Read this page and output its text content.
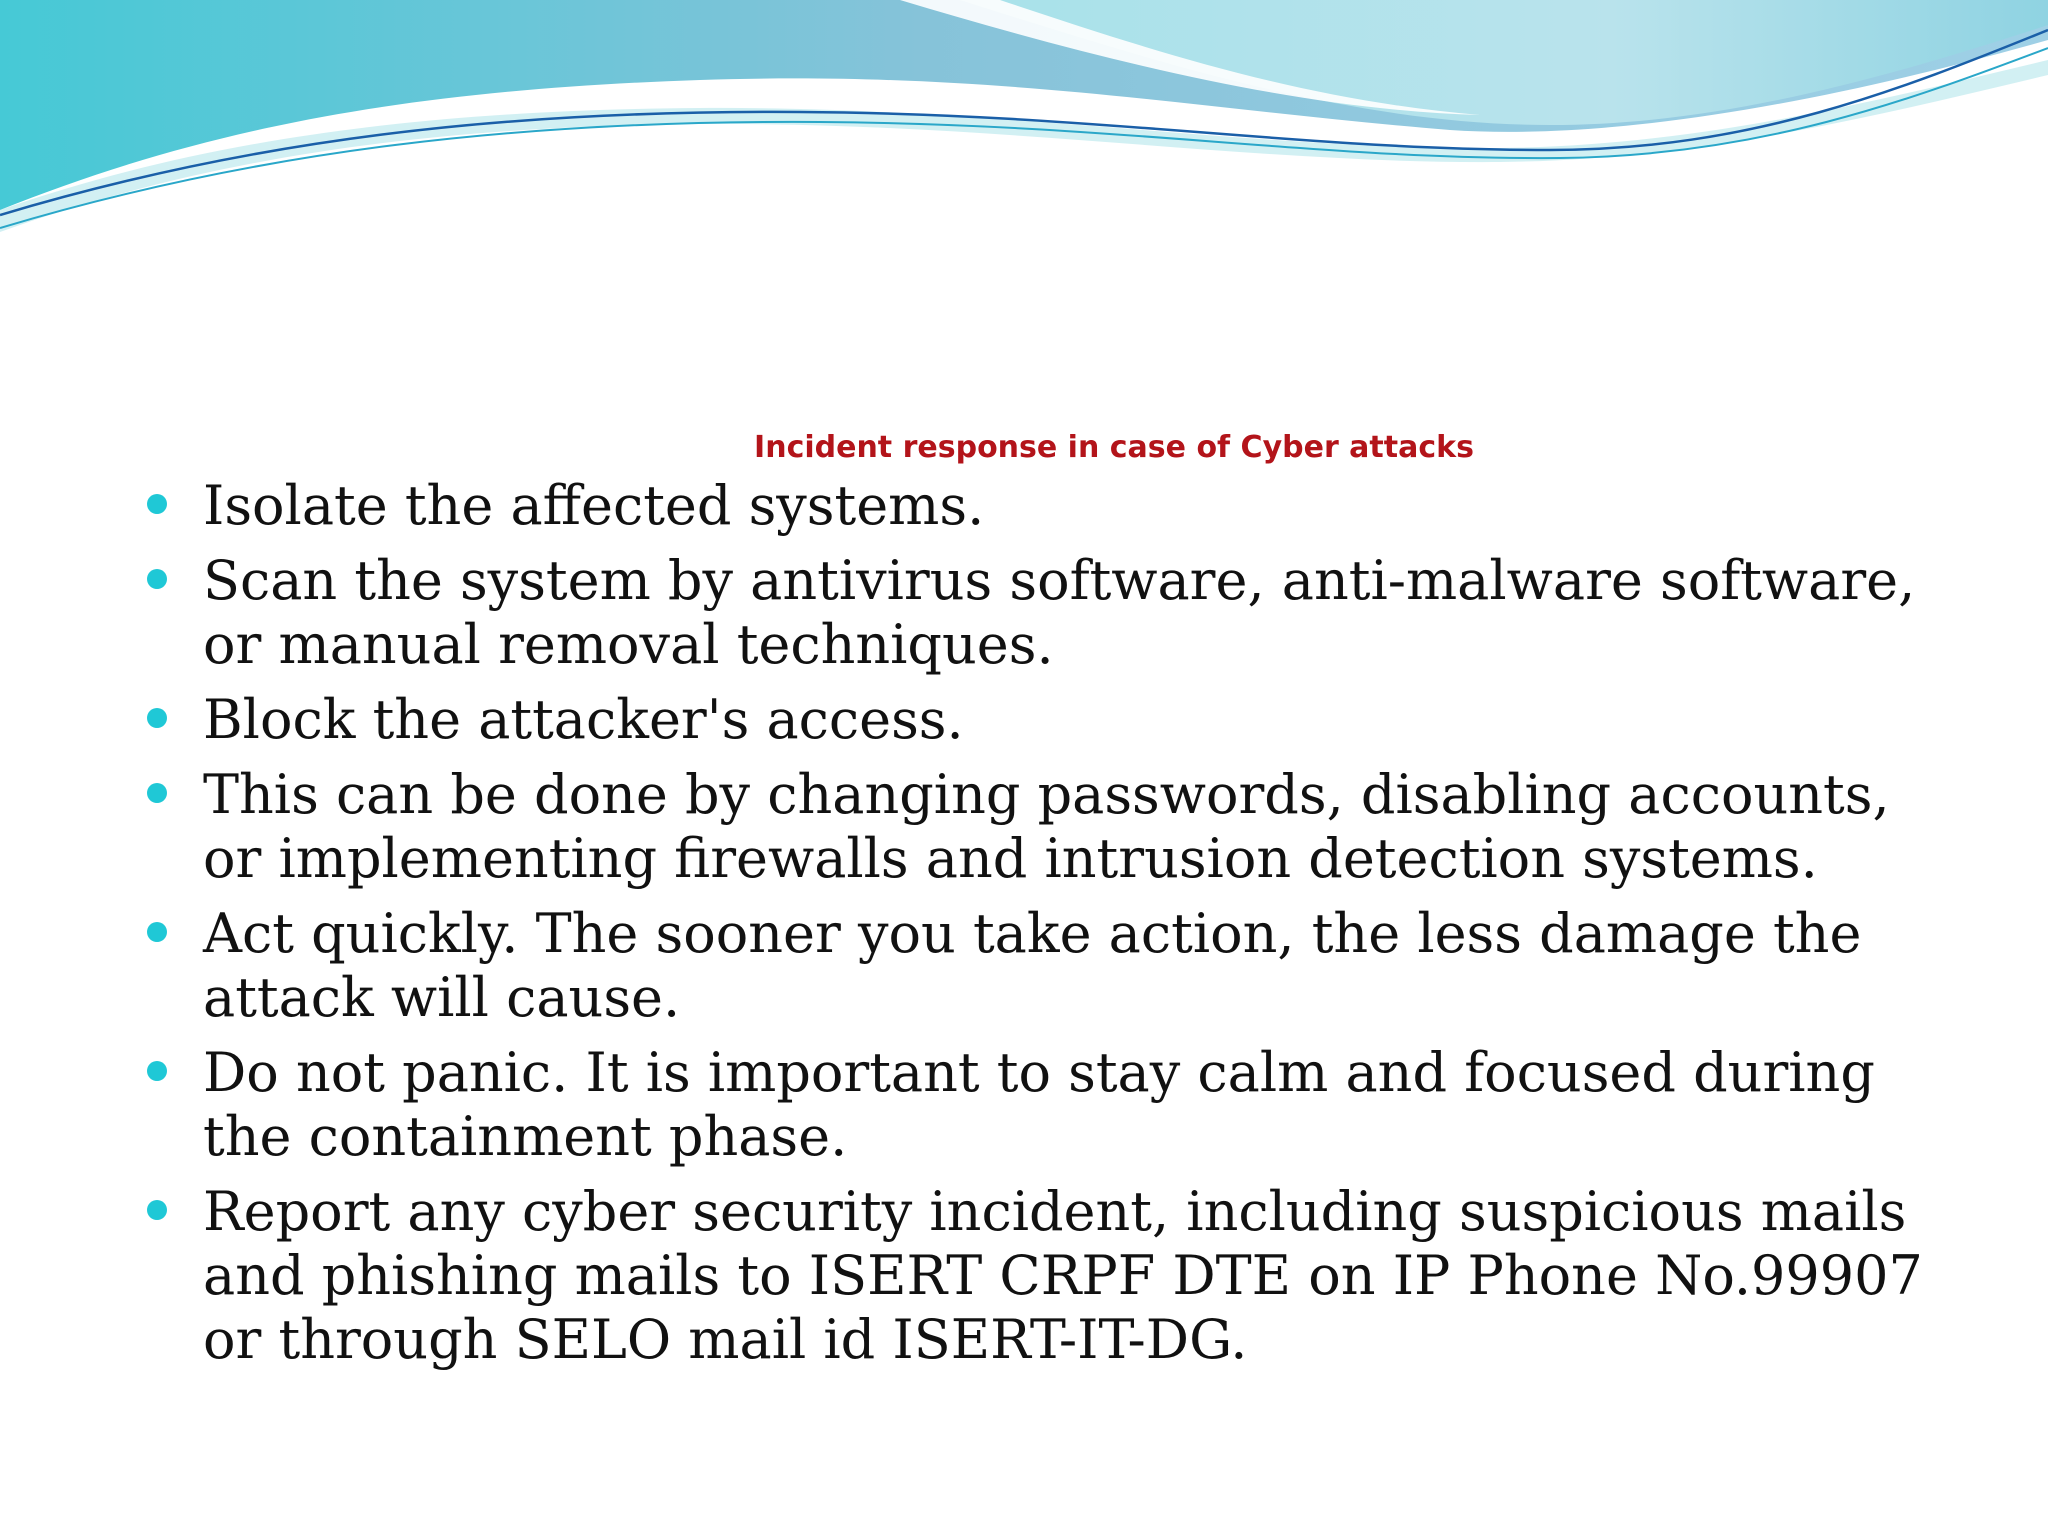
Incident response in case of Cyber attacks
Isolate the affected systems.
Scan the system by antivirus software, anti-malware software, or manual removal techniques.
Block the attacker's access.
This can be done by changing passwords, disabling accounts, or implementing firewalls and intrusion detection systems.
Act quickly. The sooner you take action, the less damage the attack will cause.
Do not panic. It is important to stay calm and focused during the containment phase.
Report any cyber security incident, including suspicious mails and phishing mails to ISERT CRPF DTE on IP Phone No.99907 or through SELO mail id ISERT-IT-DG.
